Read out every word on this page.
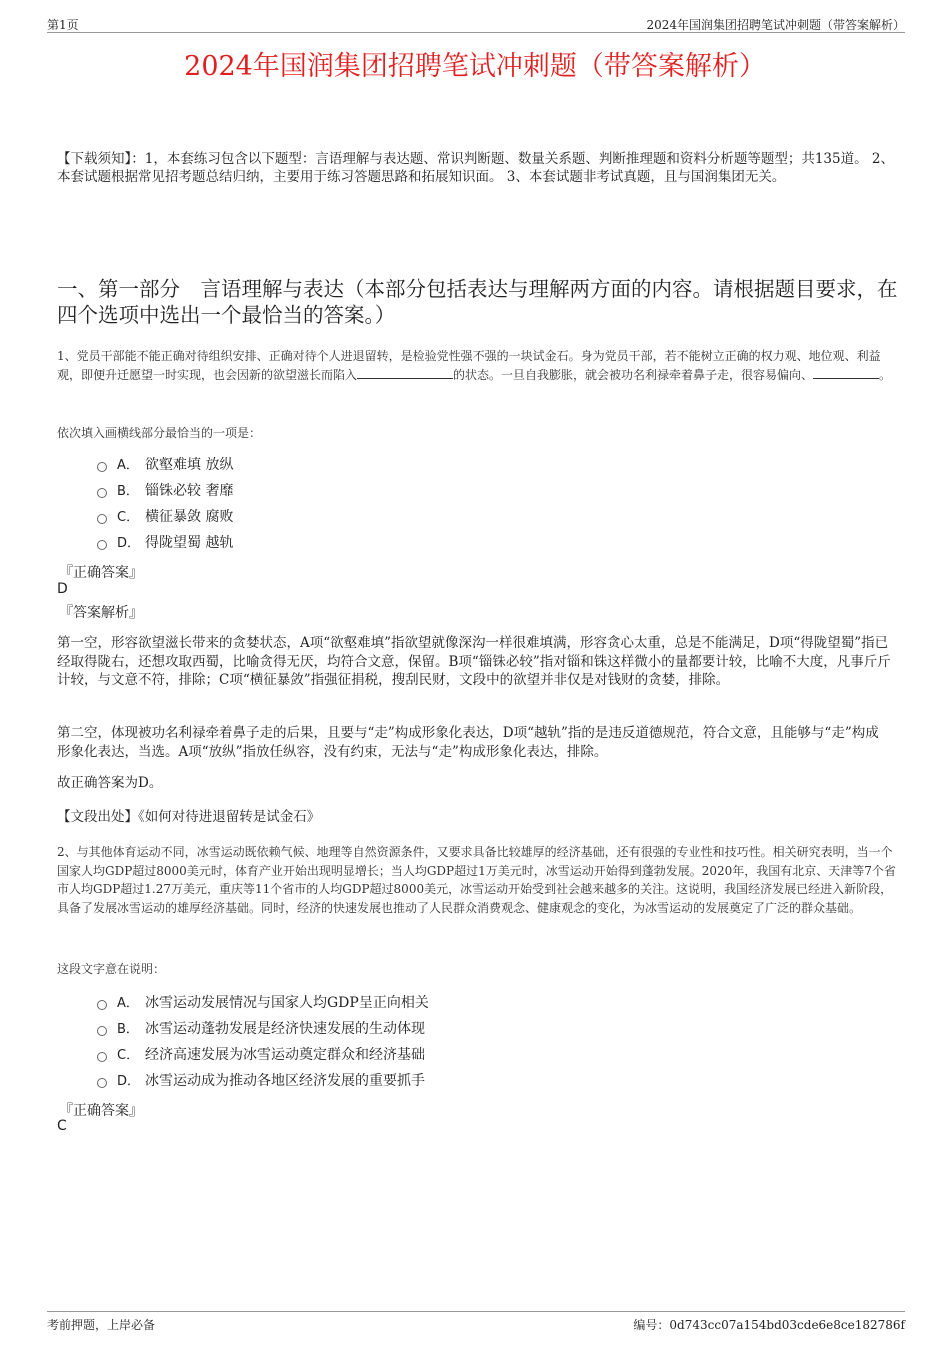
第1页	2024年国润集团招聘笔试冲刺题（带答案解析）
2024年国润集团招聘笔试冲刺题（带答案解析）
【下载须知】：1，本套练习包含以下题型：言语理解与表达题、常识判断题、数量关系题、判断推理题和资料分析题等题型；共135道。 2、本套试题根据常见招考题总结归纳，主要用于练习答题思路和拓展知识面。 3、本套试题非考试真题，且与国润集团无关。
一、第一部分　言语理解与表达（本部分包括表达与理解两方面的内容。请根据题目要求，在四个选项中选出一个最恰当的答案。）
1、党员干部能不能正确对待组织安排、正确对待个人进退留转，是检验党性强不强的一块试金石。身为党员干部，若不能树立正确的权力观、地位观、利益观，即便升迁愿望一时实现，也会因新的欲望滋长而陷入	的状态。一旦自我膨胀，就会被功名利禄牵着鼻子走，很容易偏向、	。
依次填入画横线部分最恰当的一项是：
A． 欲壑难填 放纵
B． 锱铢必较 奢靡
C． 横征暴敛 腐败
D． 得陇望蜀 越轨
『正确答案』
D
『答案解析』
第一空，形容欲望滋长带来的贪婪状态，A项“欲壑难填”指欲望就像深沟一样很难填满，形容贪心太重，总是不能满足，D项“得陇望蜀”指已经取得陇右，还想攻取西蜀，比喻贪得无厌，均符合文意，保留。B项“锱铢必较”指对锱和铢这样微小的量都要计较，比喻不大度，凡事斤斤计较，与文意不符，排除；C项“横征暴敛”指强征捐税，搜刮民财，文段中的欲望并非仅是对钱财的贪婪，排除。
第二空，体现被功名利禄牵着鼻子走的后果，且要与“走”构成形象化表达，D项“越轨”指的是违反道德规范，符合文意，且能够与“走”构成形象化表达，当选。A项“放纵”指放任纵容，没有约束，无法与“走”构成形象化表达，排除。
故正确答案为D。
【文段出处】《如何对待进退留转是试金石》
2、与其他体育运动不同，冰雪运动既依赖气候、地理等自然资源条件，又要求具备比较雄厚的经济基础，还有很强的专业性和技巧性。相关研究表明，当一个国家人均GDP超过8000美元时，体育产业开始出现明显增长；当人均GDP超过1万美元时，冰雪运动开始得到蓬勃发展。2020年，我国有北京、天津等7个省市人均GDP超过1.27万美元，重庆等11个省市的人均GDP超过8000美元，冰雪运动开始受到社会越来越多的关注。这说明，我国经济发展已经进入新阶段，具备了发展冰雪运动的雄厚经济基础。同时，经济的快速发展也推动了人民群众消费观念、健康观念的变化，为冰雪运动的发展奠定了广泛的群众基础。
这段文字意在说明：
A． 冰雪运动发展情况与国家人均GDP呈正向相关
B． 冰雪运动蓬勃发展是经济快速发展的生动体现
C． 经济高速发展为冰雪运动奠定群众和经济基础
D． 冰雪运动成为推动各地区经济发展的重要抓手
『正确答案』
C
考前押题，上岸必备	编号：0d743cc07a154bd03cde6e8ce182786f
